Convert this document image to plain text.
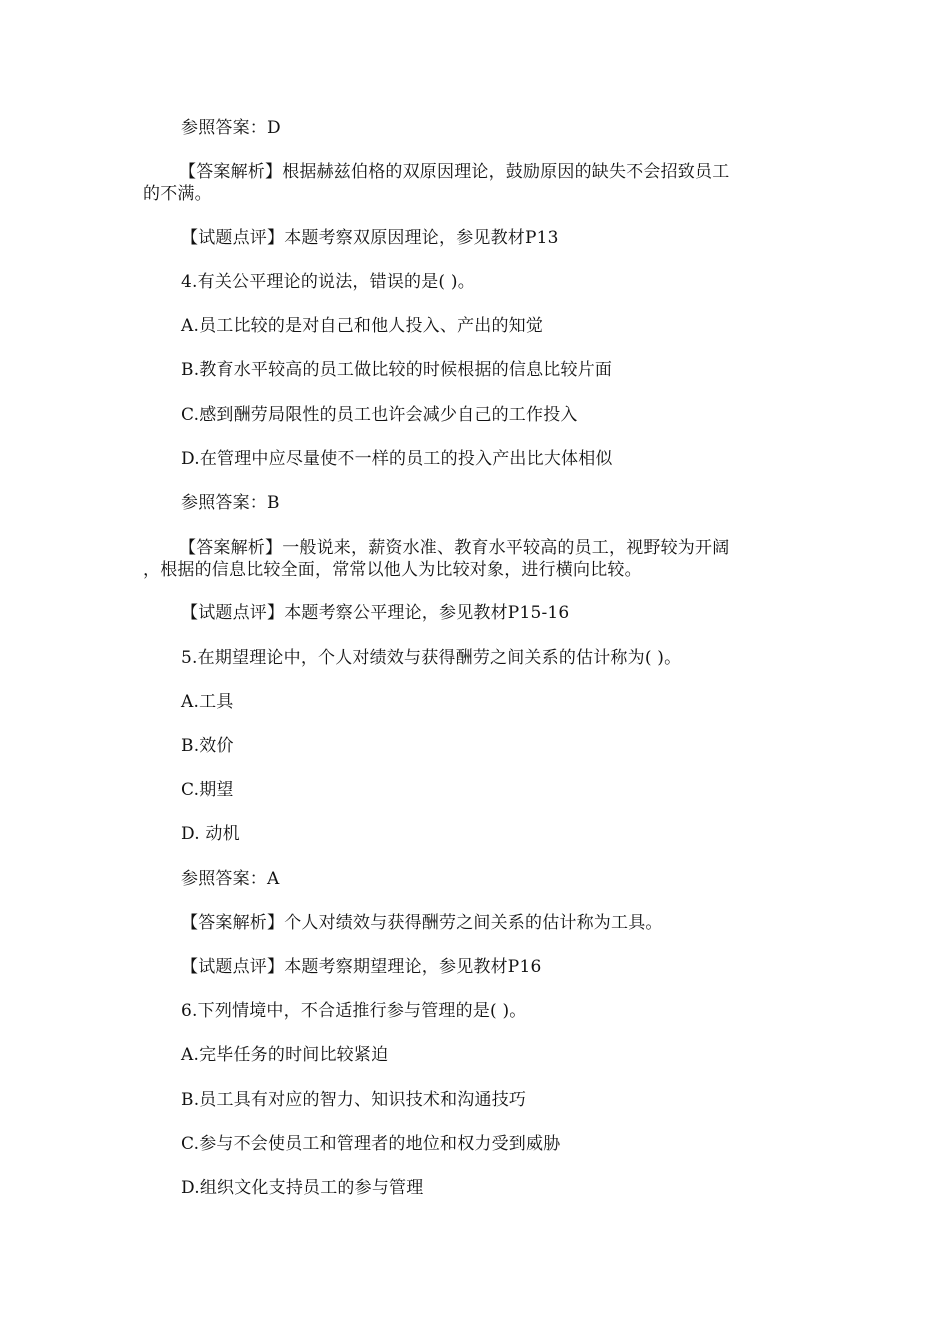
参照答案：D
【答案解析】根据赫兹伯格的双原因理论，鼓励原因的缺失不会招致员工
的不满。
【试题点评】本题考察双原因理论，参见教材P13
4.有关公平理论的说法，错误的是( )。
A.员工比较的是对自己和他人投入、产出的知觉
B.教育水平较高的员工做比较的时候根据的信息比较片面
C.感到酬劳局限性的员工也许会减少自己的工作投入
D.在管理中应尽量使不一样的员工的投入产出比大体相似
参照答案：B
【答案解析】一般说来，薪资水准、教育水平较高的员工，视野较为开阔
，根据的信息比较全面，常常以他人为比较对象，进行横向比较。
【试题点评】本题考察公平理论，参见教材P15-16
5.在期望理论中，个人对绩效与获得酬劳之间关系的估计称为( )。
A.工具
B.效价
C.期望
D. 动机
参照答案：A
【答案解析】个人对绩效与获得酬劳之间关系的估计称为工具。
【试题点评】本题考察期望理论，参见教材P16
6.下列情境中，不合适推行参与管理的是( )。
A.完毕任务的时间比较紧迫
B.员工具有对应的智力、知识技术和沟通技巧
C.参与不会使员工和管理者的地位和权力受到威胁
D.组织文化支持员工的参与管理
